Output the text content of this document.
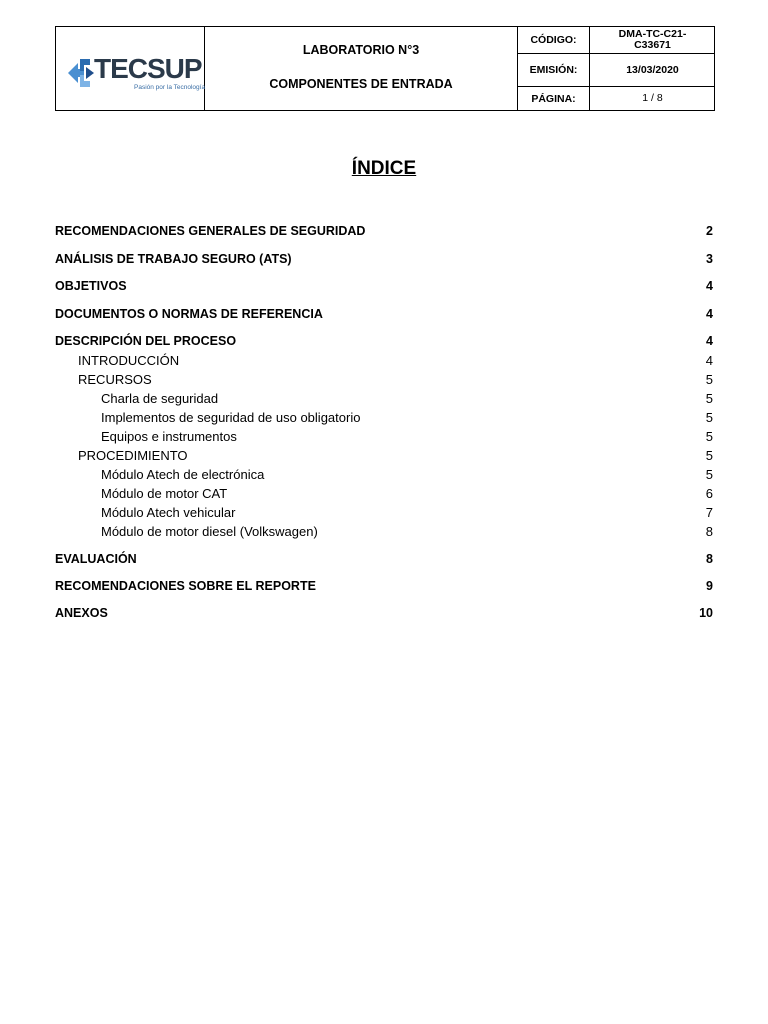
TECSUP
Pasión por la Tecnología
LABORATORIO N°3
COMPONENTES DE ENTRADA
CÓDIGO:	DMA-TC-C21-
C33671
EMISIÓN:	13/03/2020
PÁGINA:	1 / 8
ÍNDICE
RECOMENDACIONES GENERALES DE SEGURIDAD	2
ANÁLISIS DE TRABAJO SEGURO (ATS)	3
OBJETIVOS	4
DOCUMENTOS O NORMAS DE REFERENCIA	4
DESCRIPCIÓN DEL PROCESO	4
INTRODUCCIÓN	4
RECURSOS	5
Charla de seguridad	5
Implementos de seguridad de uso obligatorio	5
Equipos e instrumentos	5
PROCEDIMIENTO	5
Módulo Atech de electrónica	5
Módulo de motor CAT	6
Módulo Atech vehicular	7
Módulo de motor diesel (Volkswagen)	8
EVALUACIÓN	8
RECOMENDACIONES SOBRE EL REPORTE	9
ANEXOS	10
